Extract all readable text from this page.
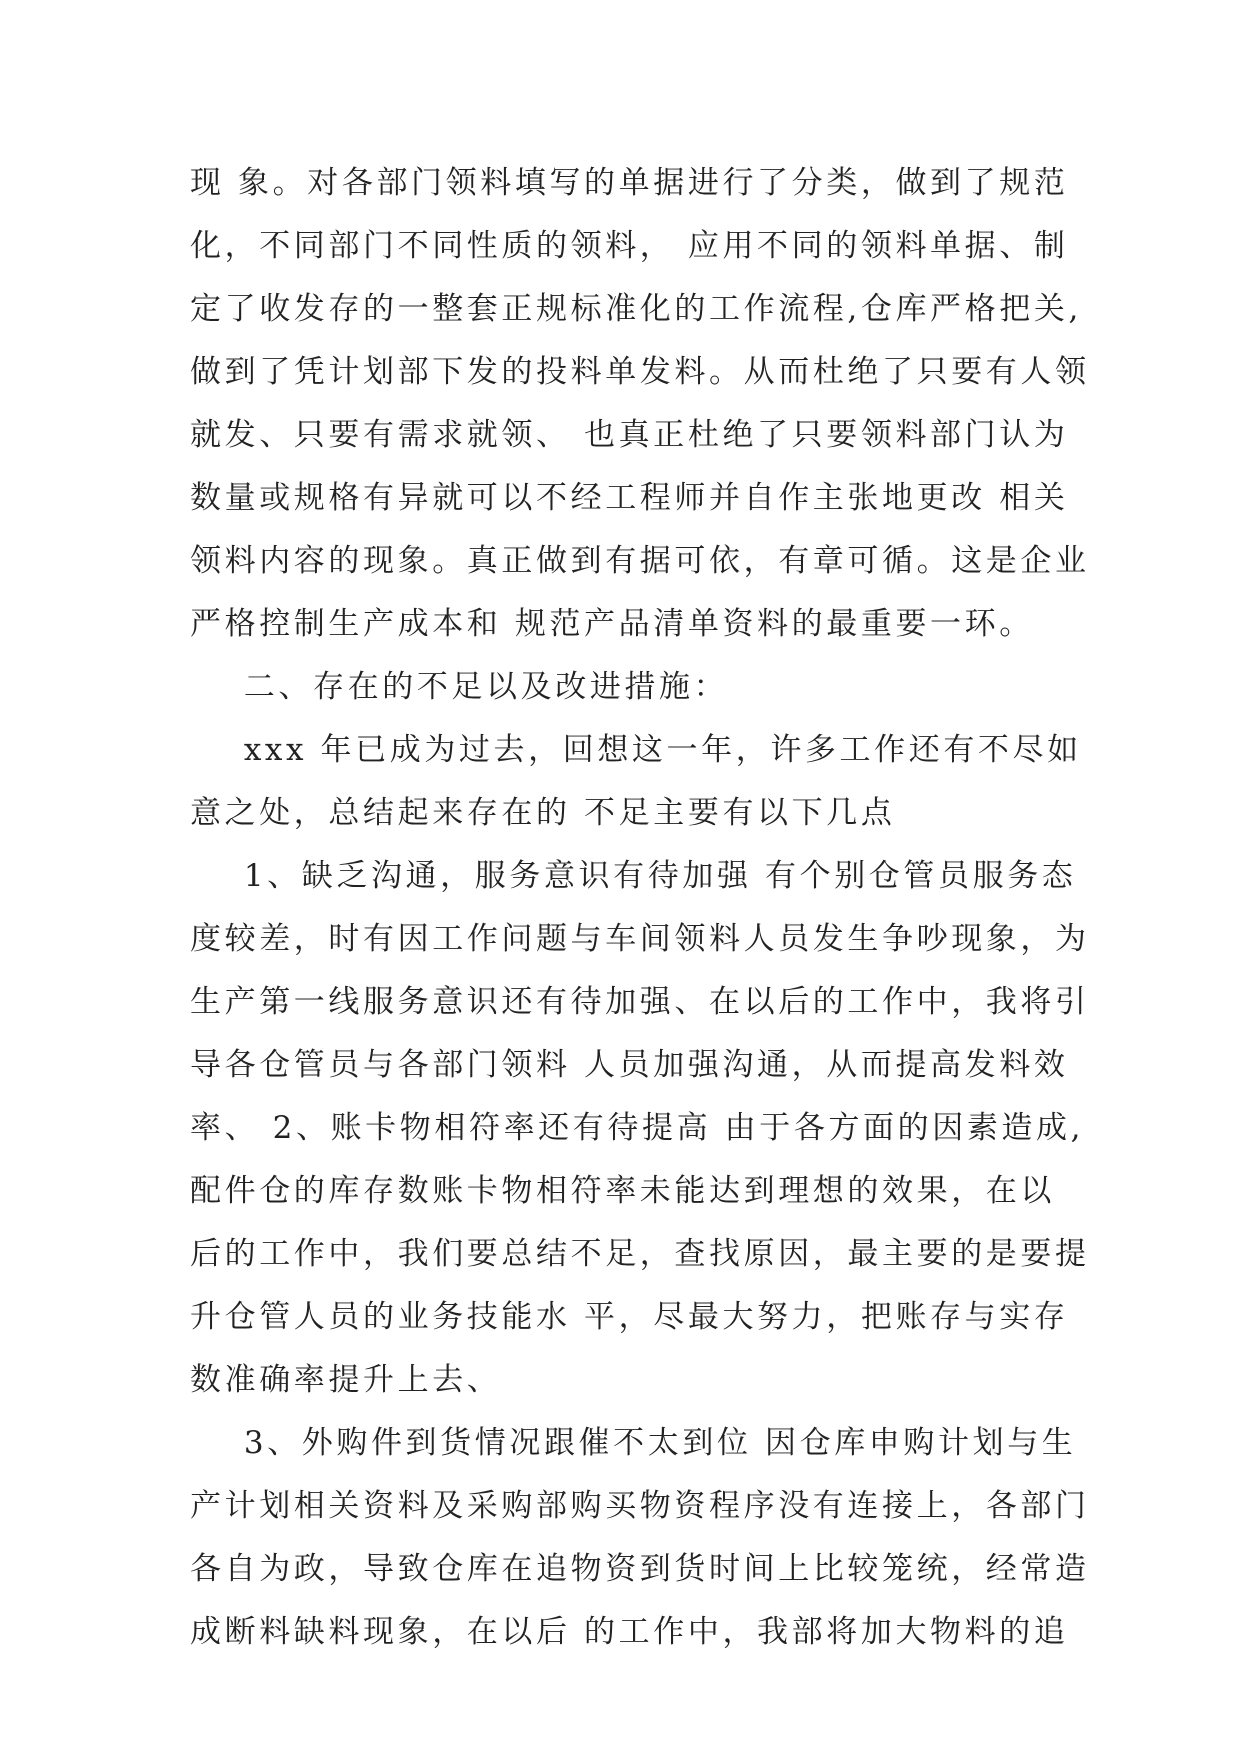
现 象。对各部门领料填写的单据进行了分类，做到了规范
化，不同部门不同性质的领料， 应用不同的领料单据、制
定了收发存的一整套正规标准化的工作流程,仓库严格把关,
做到了凭计划部下发的投料单发料。从而杜绝了只要有人领
就发、只要有需求就领、 也真正杜绝了只要领料部门认为
数量或规格有异就可以不经工程师并自作主张地更改 相关
领料内容的现象。真正做到有据可依，有章可循。这是企业
严格控制生产成本和 规范产品清单资料的最重要一环。
二、存在的不足以及改进措施：
xxx 年已成为过去，回想这一年，许多工作还有不尽如
意之处，总结起来存在的 不足主要有以下几点
1、缺乏沟通，服务意识有待加强 有个别仓管员服务态
度较差，时有因工作问题与车间领料人员发生争吵现象，为
生产第一线服务意识还有待加强、在以后的工作中，我将引
导各仓管员与各部门领料 人员加强沟通，从而提高发料效
率、 2、账卡物相符率还有待提高 由于各方面的因素造成,
配件仓的库存数账卡物相符率未能达到理想的效果，在以
后的工作中，我们要总结不足，查找原因，最主要的是要提
升仓管人员的业务技能水 平，尽最大努力，把账存与实存
数准确率提升上去、
3、外购件到货情况跟催不太到位 因仓库申购计划与生
产计划相关资料及采购部购买物资程序没有连接上，各部门
各自为政，导致仓库在追物资到货时间上比较笼统，经常造
成断料缺料现象，在以后 的工作中，我部将加大物料的追
